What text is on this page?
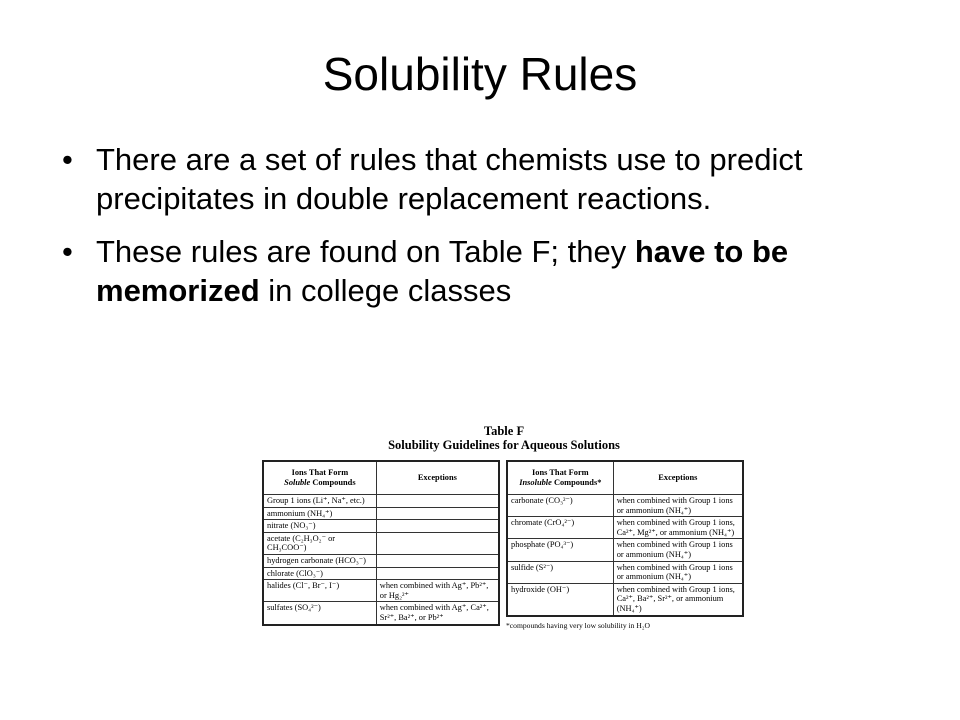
Solubility Rules
• There are a set of rules that chemists use to predict precipitates in double replacement reactions.
• These rules are found on Table F; they have to be memorized in college classes
Table F
Solubility Guidelines for Aqueous Solutions
Ions That Form
Soluble Compounds	Exceptions
Group 1 ions (Li⁺, Na⁺, etc.)	
ammonium (NH₄⁺)	
nitrate (NO₃⁻)	
acetate (C₂H₃O₂⁻ or CH₃COO⁻)	
hydrogen carbonate (HCO₃⁻)	
chlorate (ClO₃⁻)	
halides (Cl⁻, Br⁻, I⁻)	when combined with Ag⁺, Pb²⁺, or Hg₂²⁺
sulfates (SO₄²⁻)	when combined with Ag⁺, Ca²⁺, Sr²⁺, Ba²⁺, or Pb²⁺
Ions That Form
Insoluble Compounds*	Exceptions
carbonate (CO₃²⁻)	when combined with Group 1 ions or ammonium (NH₄⁺)
chromate (CrO₄²⁻)	when combined with Group 1 ions, Ca²⁺, Mg²⁺, or ammonium (NH₄⁺)
phosphate (PO₄³⁻)	when combined with Group 1 ions or ammonium (NH₄⁺)
sulfide (S²⁻)	when combined with Group 1 ions or ammonium (NH₄⁺)
hydroxide (OH⁻)	when combined with Group 1 ions, Ca²⁺, Ba²⁺, Sr²⁺, or ammonium (NH₄⁺)
*compounds having very low solubility in H₂O
